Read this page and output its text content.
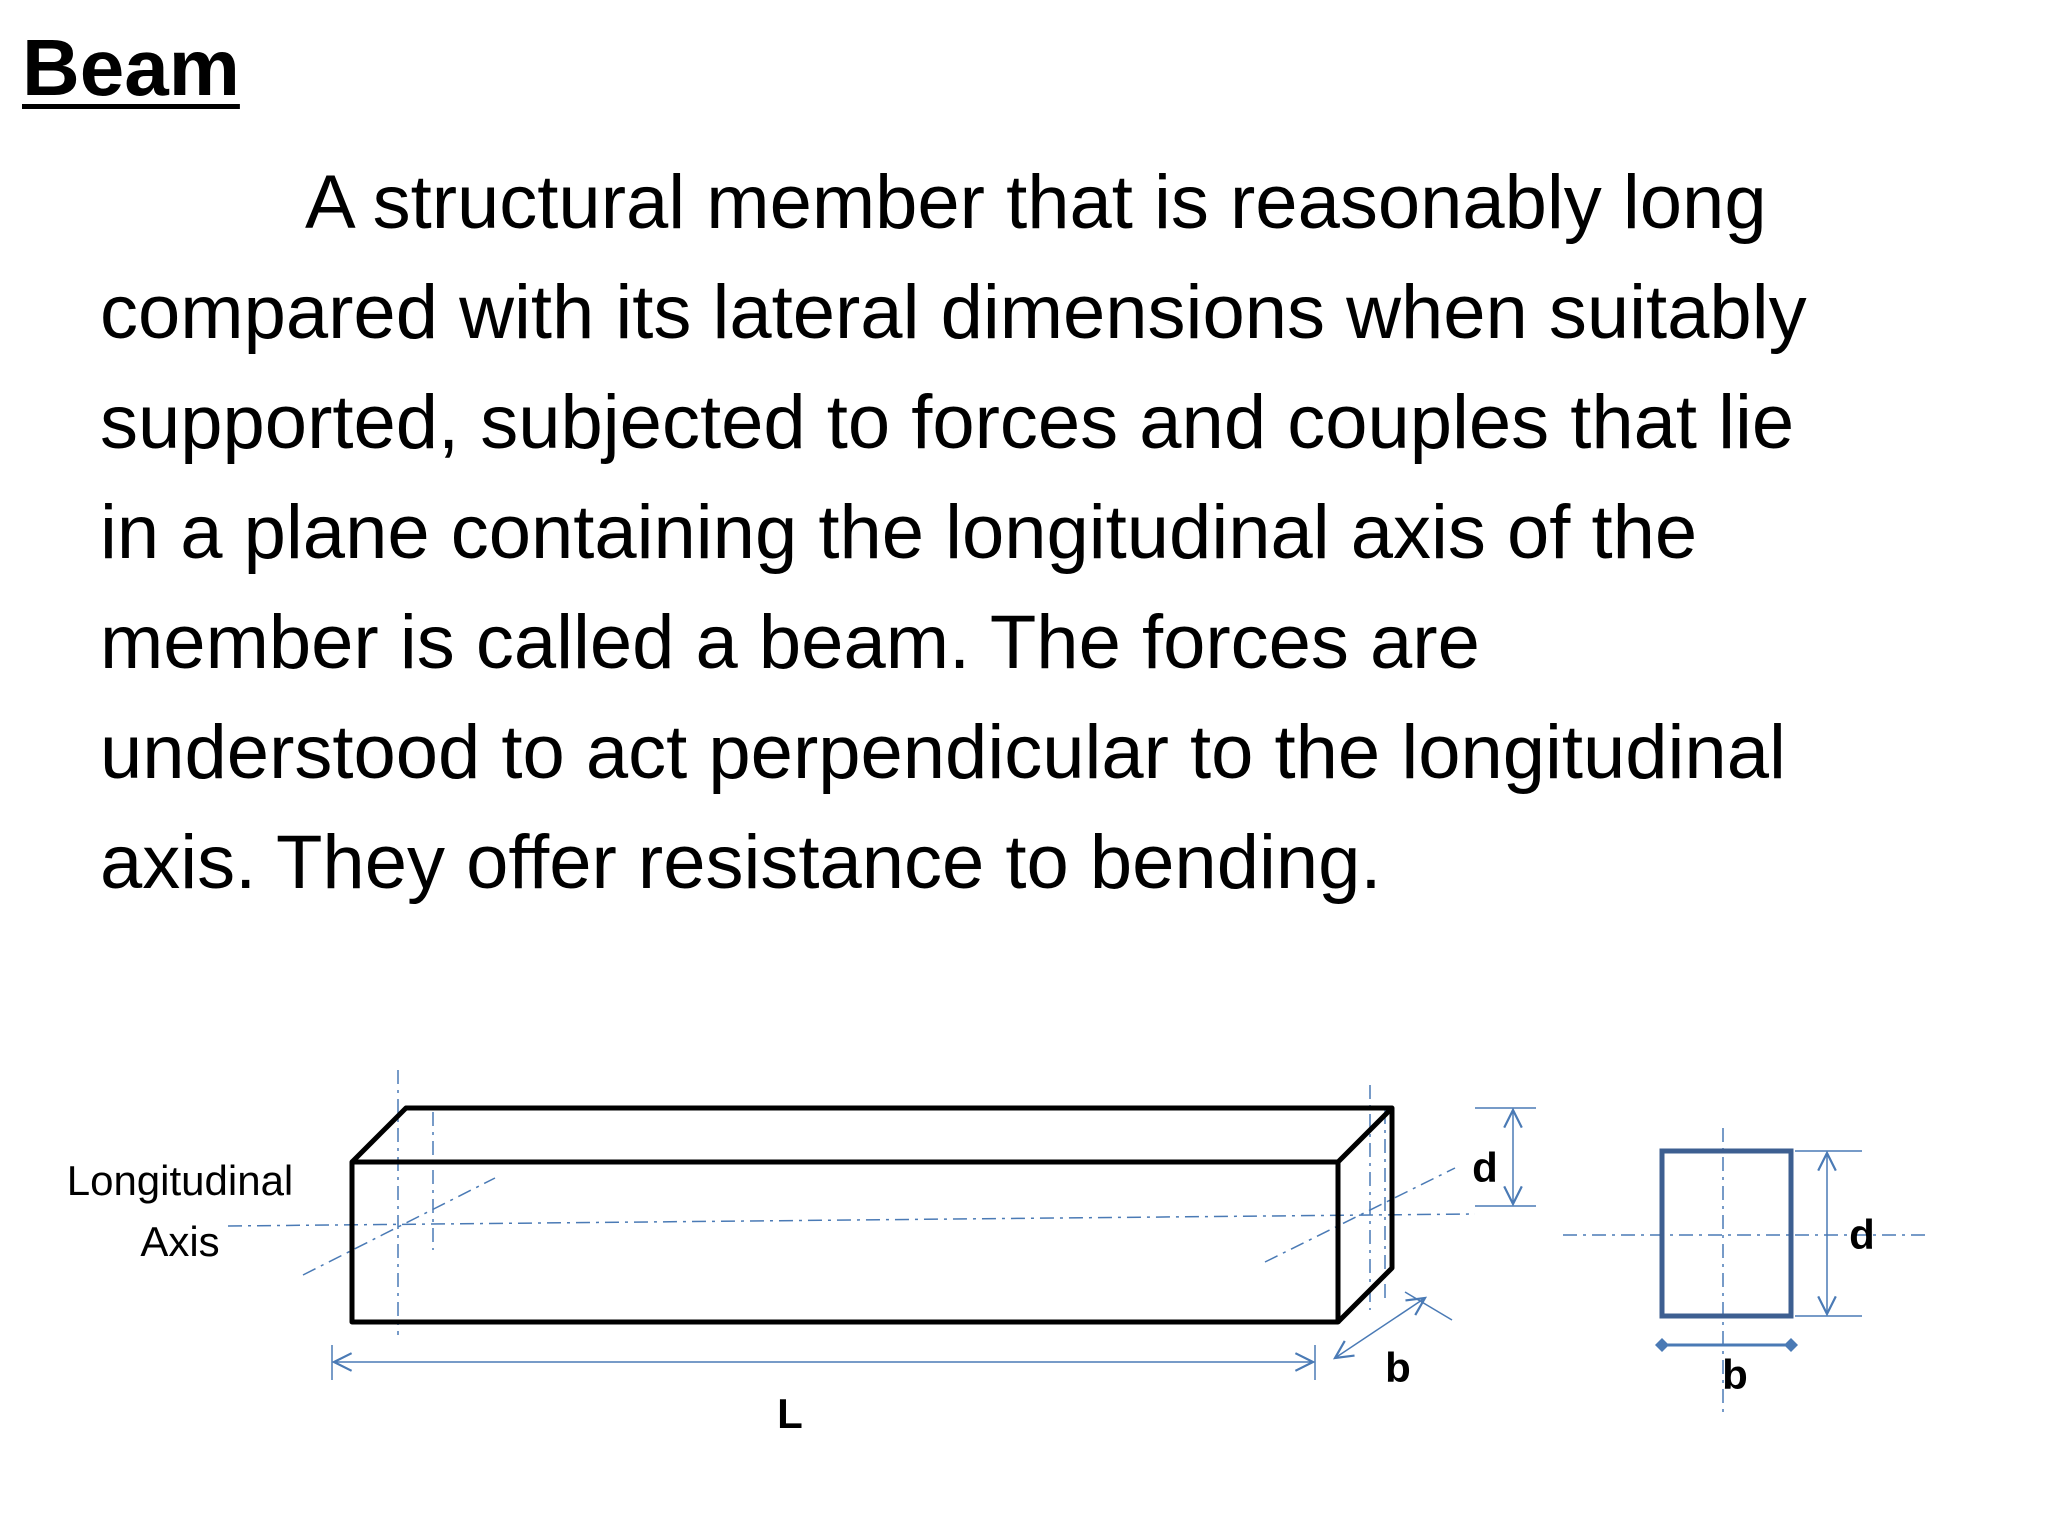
Beam
A structural member that is reasonably long
compared with its lateral dimensions when suitably
supported, subjected to forces and couples that lie
in a plane containing the longitudinal axis of the
member is called a beam. The forces are
understood to act perpendicular to the longitudinal
axis. They offer resistance to bending.
L
b
d
Longitudinal
Axis
b
d
